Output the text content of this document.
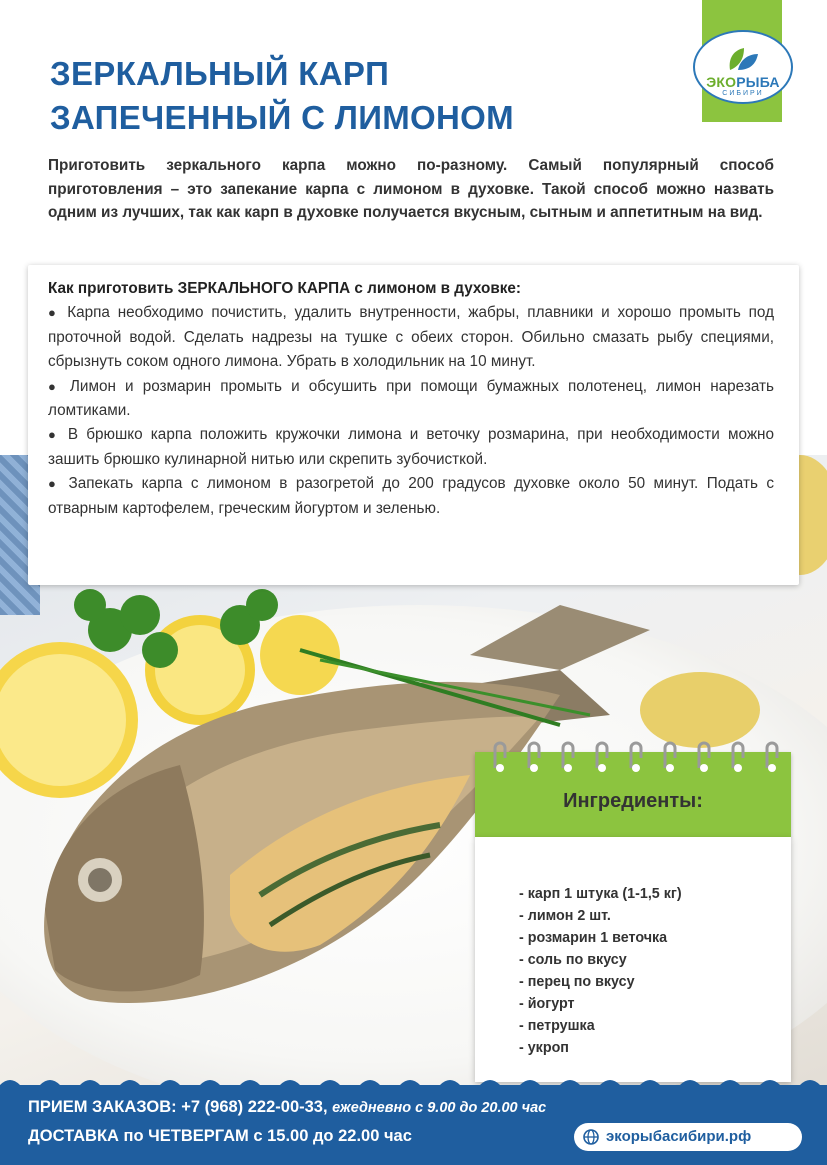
ЗЕРКАЛЬНЫЙ КАРП
ЗАПЕЧЕННЫЙ С ЛИМОНОМ
ЭКОРЫБА
СИБИРИ

Приготовить зеркального карпа можно по-разному. Самый популярный способ приготовления – это запекание карпа с лимоном в духовке. Такой способ можно назвать одним из лучших, так как карп в духовке получается вкусным, сытным и аппетитным на вид.

Как приготовить ЗЕРКАЛЬНОГО КАРПА с лимоном в духовке:

● Карпа необходимо почистить, удалить внутренности, жабры, плавники и хорошо промыть под проточной водой. Сделать надрезы на тушке с обеих сторон. Обильно смазать рыбу специями, сбрызнуть соком одного лимона. Убрать в холодильник на 10 минут.

● Лимон и розмарин промыть и обсушить при помощи бумажных полотенец, лимон нарезать ломтиками.

● В брюшко карпа положить кружочки лимона и веточку розмарина, при необходимости можно зашить брюшко кулинарной нитью или скрепить зубочисткой.

● Запекать карпа с лимоном в разогретой до 200 градусов духовке около 50 минут. Подать с отварным картофелем, греческим йогуртом и зеленью.

Ингредиенты:
- карп 1 штука (1-1,5 кг)
- лимон 2 шт.
- розмарин 1 веточка
- соль по вкусу
- перец по вкусу
- йогурт
- петрушка
- укроп
ПРИЕМ ЗАКАЗОВ: +7 (968) 222-00-33, ежедневно с 9.00 до 20.00 час
ДОСТАВКА по ЧЕТВЕРГАМ с 15.00 до 22.00 час	экорыбасибири.рф
